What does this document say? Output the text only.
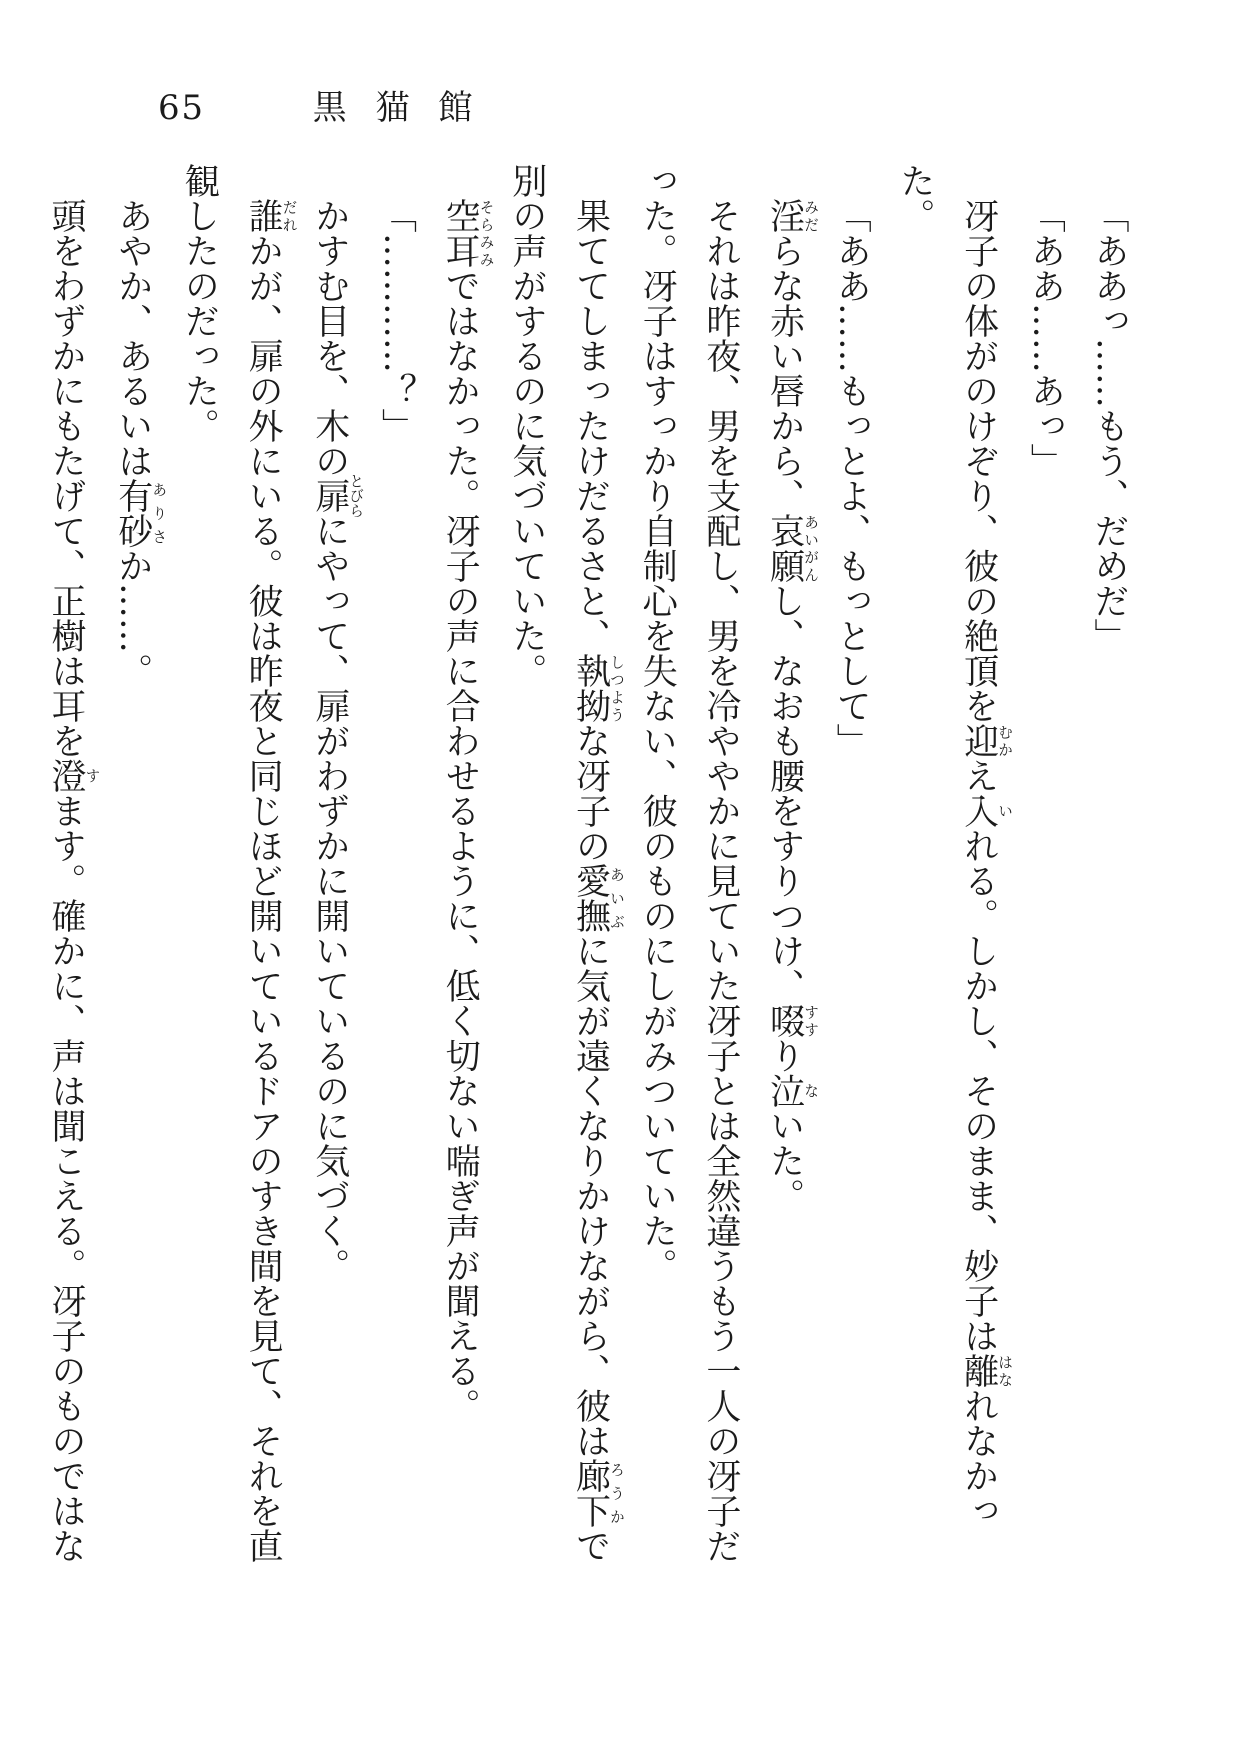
65	黒猫館

「ああっ……もう、だめだ」

「ああ……あっ」

冴子の体がのけぞり、彼の絶頂を迎むかえ入いれる。しかし、そのまま、妙子は離はなれなかった。

「ああ……もっとよ、もっとして」

淫みだらな赤い唇から、哀願あいがんし、なおも腰をすりつけ、啜すすり泣ないた。

それは昨夜、男を支配し、男を冷ややかに見ていた冴子とは全然違うもう一人の冴子だった。冴子はすっかり自制心を失ない、彼のものにしがみついていた。

果ててしまったけだるさと、執拗しつような冴子の愛撫あいぶに気が遠くなりかけながら、彼は廊下ろうかで別の声がするのに気づいていた。

空耳そらみみではなかった。冴子の声に合わせるように、低く切ない喘ぎ声が聞える。

「…………？」

かすむ目を、木の扉とびらにやって、扉がわずかに開いているのに気づく。

誰だれかが、扉の外にいる。彼は昨夜と同じほど開いているドアのすき間を見て、それを直観したのだった。

あやか、あるいは有砂ありさか……。

頭をわずかにもたげて、正樹は耳を澄すます。確かに、声は聞こえる。冴子のものではな
